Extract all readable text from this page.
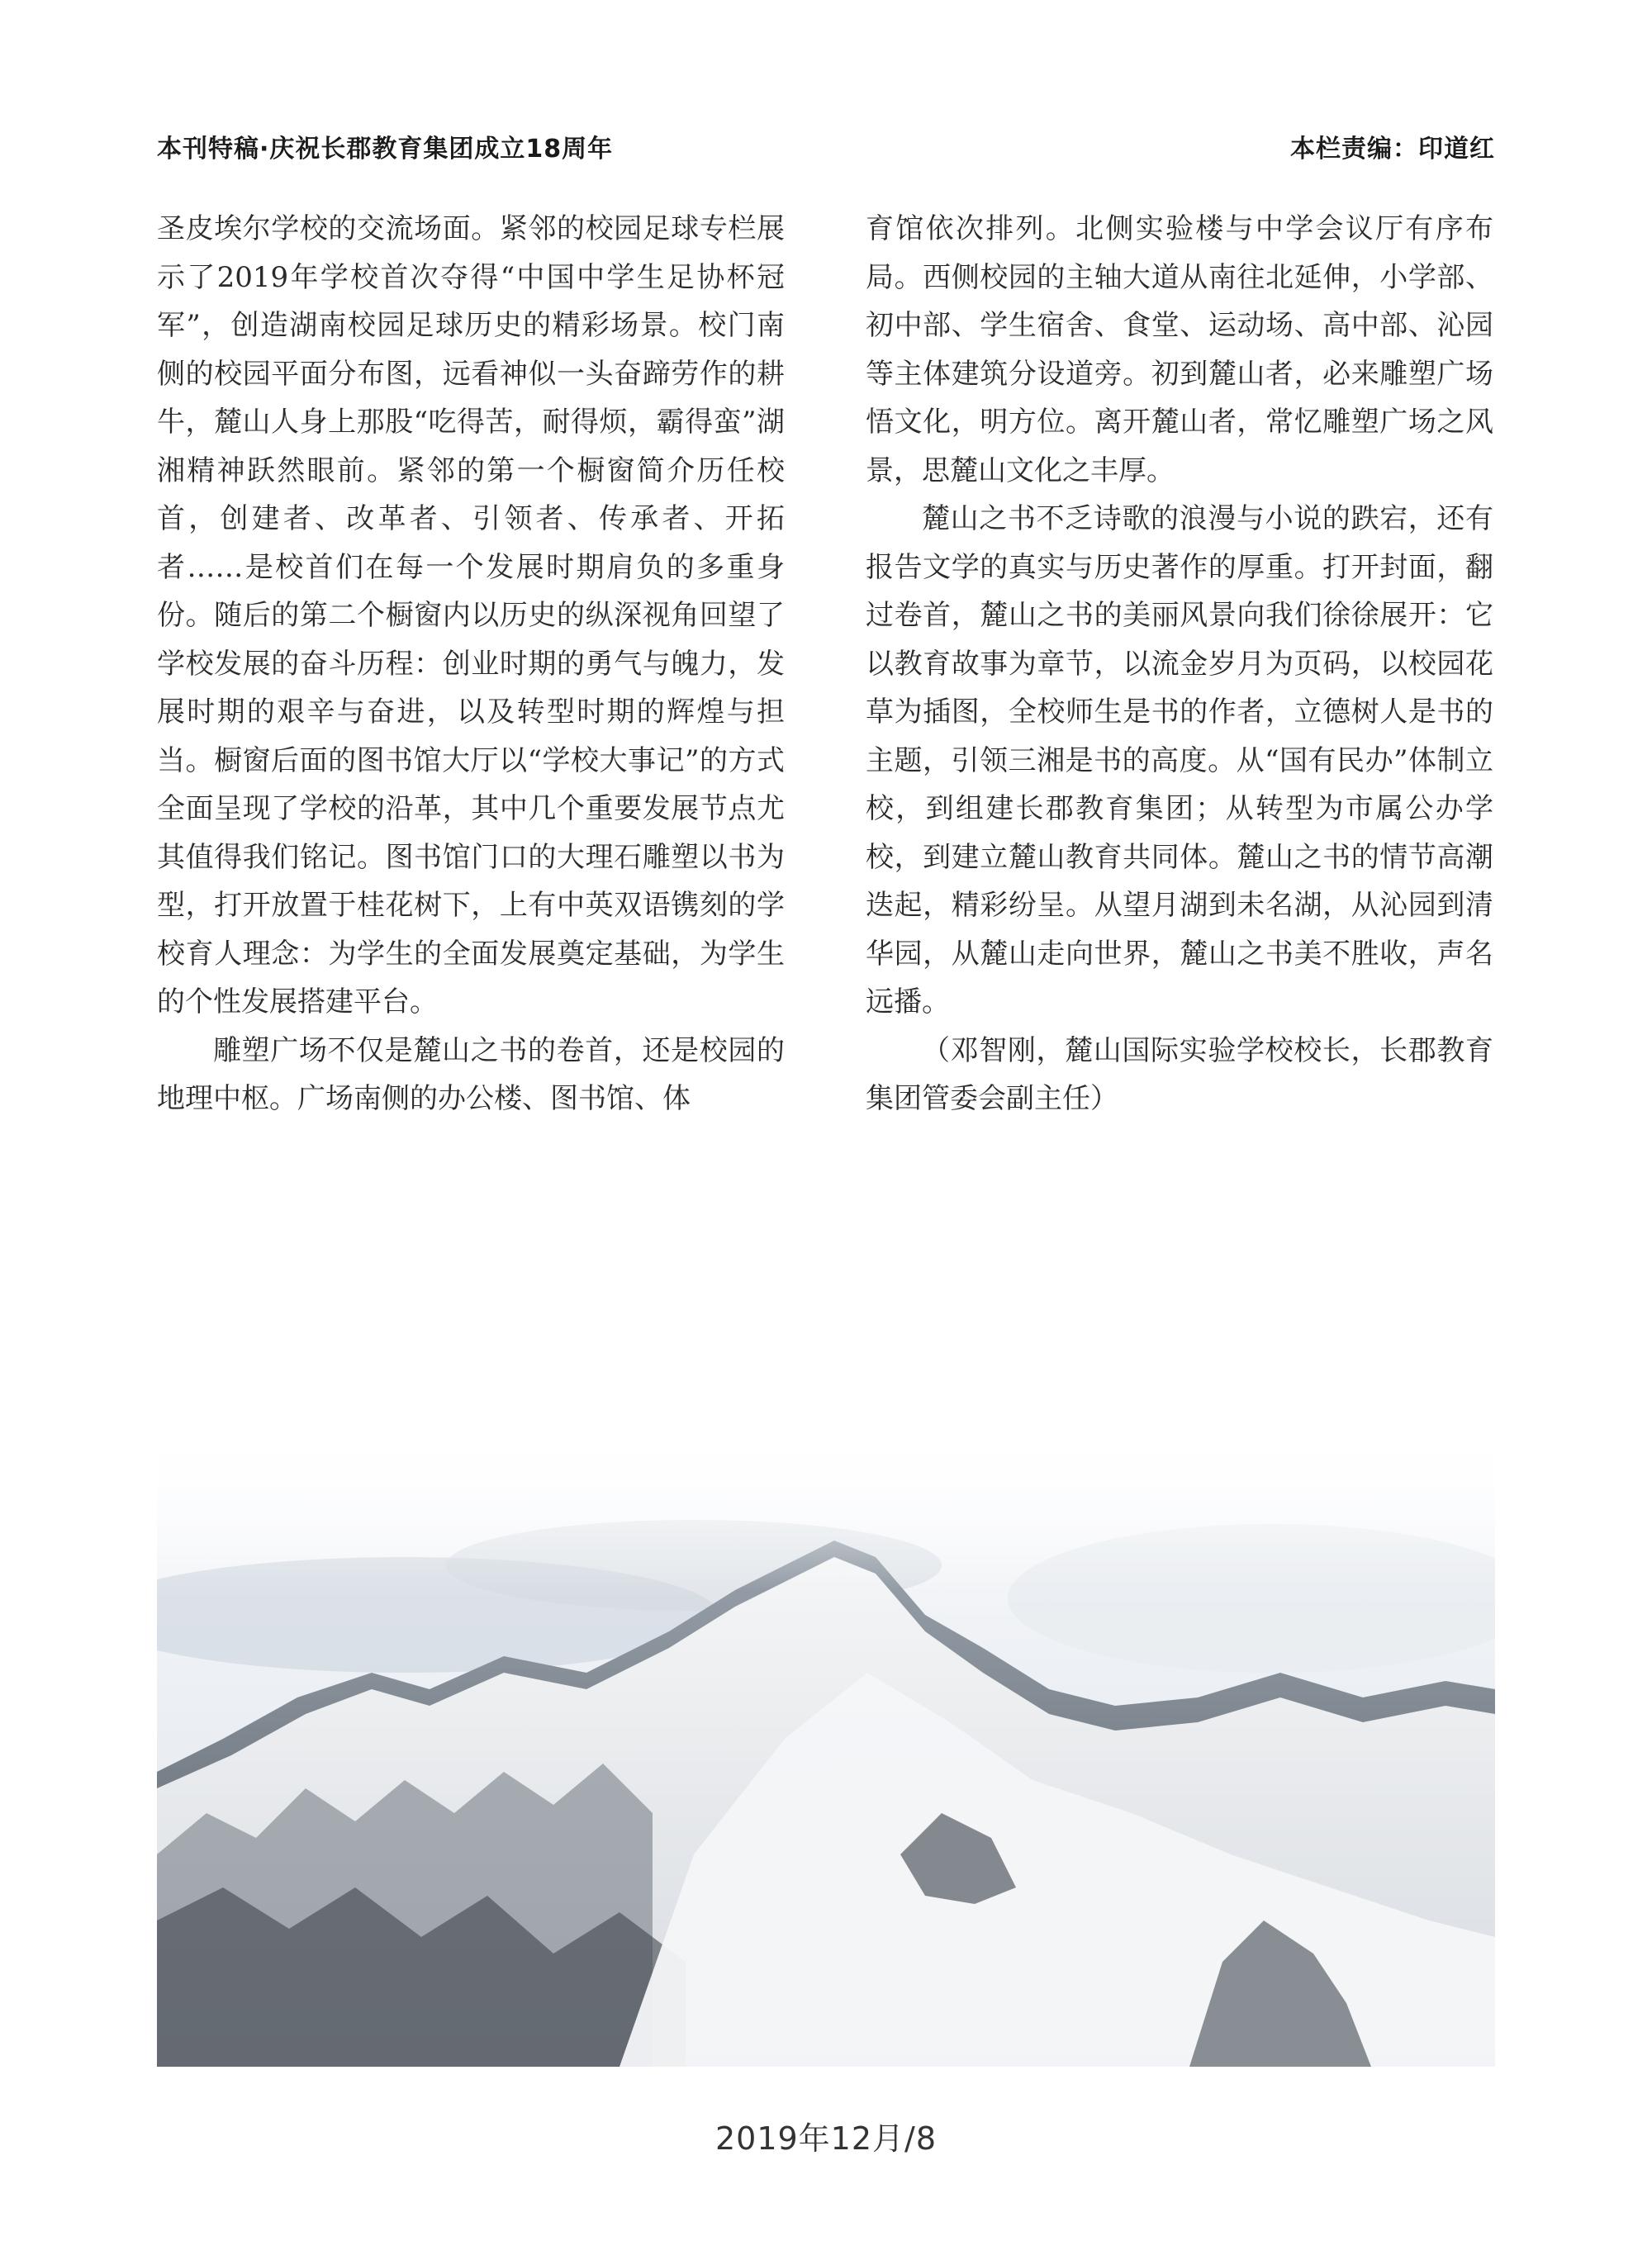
本刊特稿·庆祝长郡教育集团成立18周年	本栏责编：印道红

圣皮埃尔学校的交流场面。紧邻的校园足球专栏展示了2019年学校首次夺得“中国中学生足协杯冠军”，创造湖南校园足球历史的精彩场景。校门南侧的校园平面分布图，远看神似一头奋蹄劳作的耕牛，麓山人身上那股“吃得苦，耐得烦，霸得蛮”湖湘精神跃然眼前。紧邻的第一个橱窗简介历任校首，创建者、改革者、引领者、传承者、开拓者……是校首们在每一个发展时期肩负的多重身份。随后的第二个橱窗内以历史的纵深视角回望了学校发展的奋斗历程：创业时期的勇气与魄力，发展时期的艰辛与奋进，以及转型时期的辉煌与担当。橱窗后面的图书馆大厅以“学校大事记”的方式全面呈现了学校的沿革，其中几个重要发展节点尤其值得我们铭记。图书馆门口的大理石雕塑以书为型，打开放置于桂花树下，上有中英双语镌刻的学校育人理念：为学生的全面发展奠定基础，为学生的个性发展搭建平台。

雕塑广场不仅是麓山之书的卷首，还是校园的地理中枢。广场南侧的办公楼、图书馆、体

育馆依次排列。北侧实验楼与中学会议厅有序布局。西侧校园的主轴大道从南往北延伸，小学部、初中部、学生宿舍、食堂、运动场、高中部、沁园等主体建筑分设道旁。初到麓山者，必来雕塑广场悟文化，明方位。离开麓山者，常忆雕塑广场之风景，思麓山文化之丰厚。

麓山之书不乏诗歌的浪漫与小说的跌宕，还有报告文学的真实与历史著作的厚重。打开封面，翻过卷首，麓山之书的美丽风景向我们徐徐展开：它以教育故事为章节，以流金岁月为页码，以校园花草为插图，全校师生是书的作者，立德树人是书的主题，引领三湘是书的高度。从“国有民办”体制立校，到组建长郡教育集团；从转型为市属公办学校，到建立麓山教育共同体。麓山之书的情节高潮迭起，精彩纷呈。从望月湖到未名湖，从沁园到清华园，从麓山走向世界，麓山之书美不胜收，声名远播。

（邓智刚，麓山国际实验学校校长，长郡教育集团管委会副主任）

2019年12月/8
